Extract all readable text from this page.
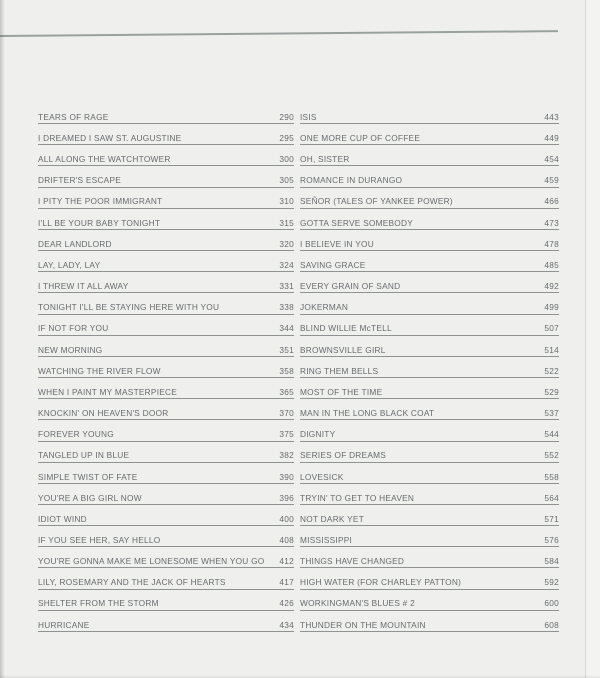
TEARS OF RAGE	290
I DREAMED I SAW ST. AUGUSTINE	295
ALL ALONG THE WATCHTOWER	300
DRIFTER'S ESCAPE	305
I PITY THE POOR IMMIGRANT	310
I'LL BE YOUR BABY TONIGHT	315
DEAR LANDLORD	320
LAY, LADY, LAY	324
I THREW IT ALL AWAY	331
TONIGHT I'LL BE STAYING HERE WITH YOU	338
IF NOT FOR YOU	344
NEW MORNING	351
WATCHING THE RIVER FLOW	358
WHEN I PAINT MY MASTERPIECE	365
KNOCKIN' ON HEAVEN'S DOOR	370
FOREVER YOUNG	375
TANGLED UP IN BLUE	382
SIMPLE TWIST OF FATE	390
YOU'RE A BIG GIRL NOW	396
IDIOT WIND	400
IF YOU SEE HER, SAY HELLO	408
YOU'RE GONNA MAKE ME LONESOME WHEN YOU GO	412
LILY, ROSEMARY AND THE JACK OF HEARTS	417
SHELTER FROM THE STORM	426
HURRICANE	434
ISIS	443
ONE MORE CUP OF COFFEE	449
OH, SISTER	454
ROMANCE IN DURANGO	459
SEÑOR (TALES OF YANKEE POWER)	466
GOTTA SERVE SOMEBODY	473
I BELIEVE IN YOU	478
SAVING GRACE	485
EVERY GRAIN OF SAND	492
JOKERMAN	499
BLIND WILLIE McTELL	507
BROWNSVILLE GIRL	514
RING THEM BELLS	522
MOST OF THE TIME	529
MAN IN THE LONG BLACK COAT	537
DIGNITY	544
SERIES OF DREAMS	552
LOVESICK	558
TRYIN' TO GET TO HEAVEN	564
NOT DARK YET	571
MISSISSIPPI	576
THINGS HAVE CHANGED	584
HIGH WATER (FOR CHARLEY PATTON)	592
WORKINGMAN'S BLUES # 2	600
THUNDER ON THE MOUNTAIN	608
